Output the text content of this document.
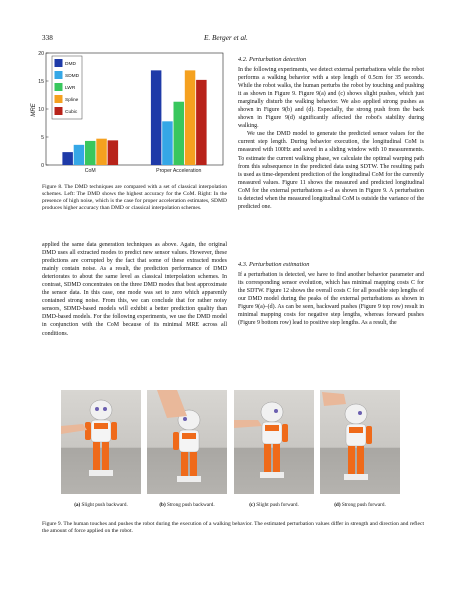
338	E. Berger et al.
0
5
10
15
20
MRE
CoM	Proper Acceleration
DMD
SDMD
LWR
Spline
Cubic
Figure 8. The DMD techniques are compared with a set of classical interpolation schemes. Left: The DMD shows the highest accuracy for the CoM. Right: In the presence of high noise, which is the case for proper acceleration estimates, SDMD produces higher accuracy than DMD or classical interpolation schemes.

applied the same data generation techniques as above. Again, the original DMD uses all extracted modes to predict new sensor values. However, these predictions are corrupted by the fact that some of these extracted modes mainly contain noise. As a result, the prediction performance of DMD deteriorates to about the same level as classical interpolation schemes. In contrast, SDMD concentrates on the three DMD modes that best approximate the sensor data. In this case, one mode was set to zero which apparently contained strong noise. From this, we can conclude that for rather noisy sensors, SDMD-based models will exhibit a better prediction quality than DMD-based models. For the following experiments, we use the DMD model in conjunction with the CoM because of its minimal MRE across all conditions.

4.2. Perturbation detection

In the following experiments, we detect external perturbations while the robot performs a walking behavior with a step length of 0.5cm for 35 seconds. While the robot walks, the human perturbs the robot by touching and pushing it as shown in Figure 9. Figure 9(a) and (c) shows slight pushes, which just marginally disturb the walking behavior. We also applied strong pushes as shown in Figure 9(b) and (d). Especially, the strong push from the back shown in Figure 9(d) significantly affected the robot's stability during walking.

We use the DMD model to generate the predicted sensor values for the current step length. During behavior execution, the longitudinal CoM is measured with 100Hz and saved in a sliding window with 10 measurements. To estimate the current walking phase, we calculate the optimal warping path from this subsequence in the predicted data using SDTW. The resulting path is used as time-dependent prediction of the longitudinal CoM for the currently measured values. Figure 11 shows the measured and predicted longitudinal CoM for the external perturbations a–d as shown in Figure 9. A perturbation is detected when the measured longitudinal CoM is outside the variance of the predicted one.

4.3. Perturbation estimation

If a perturbation is detected, we have to find another behavior parameter and its corresponding sensor evolution, which has minimal mapping costs C for the SDTW. Figure 12 shows the overall costs C for all possible step lengths of our DMD model during the peaks of the external perturbations as shown in Figure 9(a)–(d). As can be seen, backward pushes (Figure 9 top row) result in minimal mapping costs for negative step lengths, whereas forward pushes (Figure 9 bottom row) lead to positive step lengths. As a result, the

(a) Slight push backward.	(b) Strong push backward.	(c) Slight push forward.	(d) Strong push forward.
Figure 9. The human touches and pushes the robot during the execution of a walking behavior. The estimated perturbation values differ in strength and direction and reflect the amount of force applied on the robot.
